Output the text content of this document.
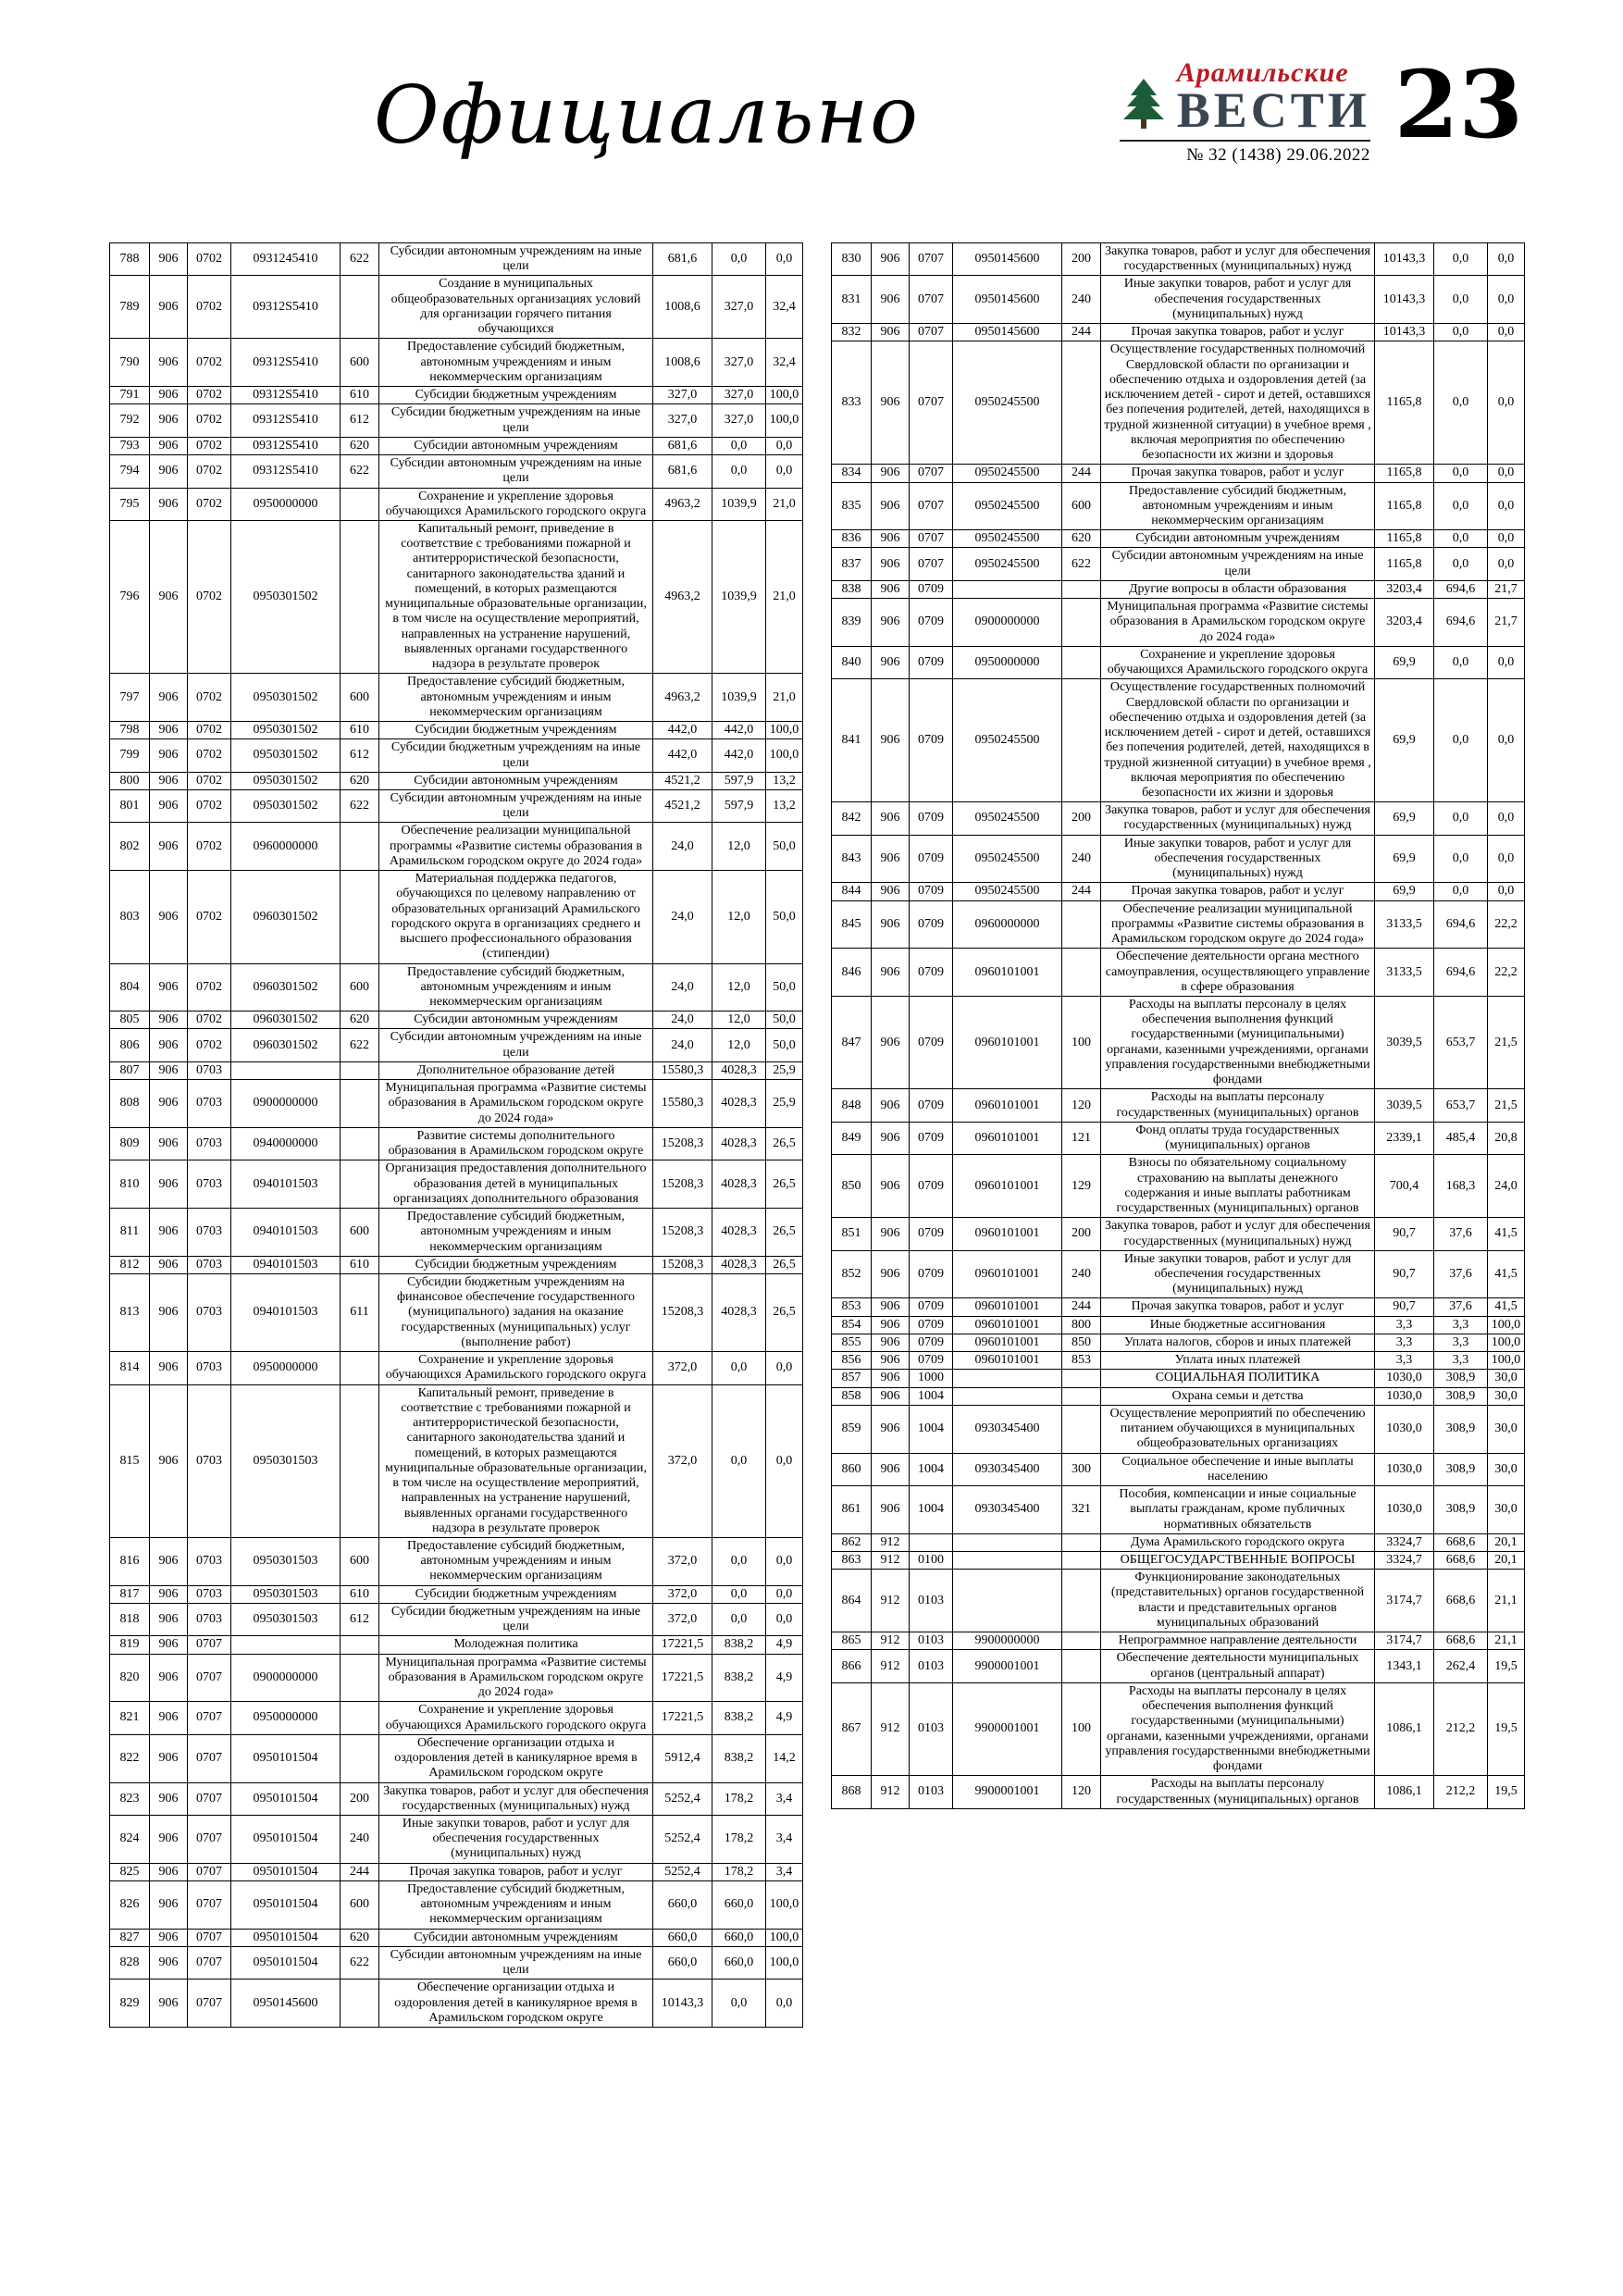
Официально	Арамильские
ВЕСТИ
№ 32 (1438) 29.06.2022 23
788	906	0702	0931245410	622	Субсидии автономным учреждениям на иные цели	681,6	0,0	0,0
789	906	0702	09312S5410		Создание в муниципальных общеобразовательных организациях условий для организации горячего питания обучающихся	1008,6	327,0	32,4
790	906	0702	09312S5410	600	Предоставление субсидий бюджетным, автономным учреждениям и иным некоммерческим организациям	1008,6	327,0	32,4
791	906	0702	09312S5410	610	Субсидии бюджетным учреждениям	327,0	327,0	100,0
792	906	0702	09312S5410	612	Субсидии бюджетным учреждениям на иные цели	327,0	327,0	100,0
793	906	0702	09312S5410	620	Субсидии автономным учреждениям	681,6	0,0	0,0
794	906	0702	09312S5410	622	Субсидии автономным учреждениям на иные цели	681,6	0,0	0,0
795	906	0702	0950000000		Сохранение и укрепление здоровья обучающихся Арамильского городского округа	4963,2	1039,9	21,0
796	906	0702	0950301502		Капитальный ремонт, приведение в соответствие с требованиями пожарной и антитеррористической безопасности, санитарного законодательства зданий и помещений, в которых размещаются муниципальные образовательные организации, в том числе на осуществление мероприятий, направленных на устранение нарушений, выявленных органами государственного надзора в результате проверок	4963,2	1039,9	21,0
797	906	0702	0950301502	600	Предоставление субсидий бюджетным, автономным учреждениям и иным некоммерческим организациям	4963,2	1039,9	21,0
798	906	0702	0950301502	610	Субсидии бюджетным учреждениям	442,0	442,0	100,0
799	906	0702	0950301502	612	Субсидии бюджетным учреждениям на иные цели	442,0	442,0	100,0
800	906	0702	0950301502	620	Субсидии автономным учреждениям	4521,2	597,9	13,2
801	906	0702	0950301502	622	Субсидии автономным учреждениям на иные цели	4521,2	597,9	13,2
802	906	0702	0960000000		Обеспечение реализации муниципальной программы «Развитие системы образования в Арамильском городском округе до 2024 года»	24,0	12,0	50,0
803	906	0702	0960301502		Материальная поддержка педагогов, обучающихся по целевому направлению от образовательных организаций Арамильского городского округа в организациях среднего и высшего профессионального образования (стипендии)	24,0	12,0	50,0
804	906	0702	0960301502	600	Предоставление субсидий бюджетным, автономным учреждениям и иным некоммерческим организациям	24,0	12,0	50,0
805	906	0702	0960301502	620	Субсидии автономным учреждениям	24,0	12,0	50,0
806	906	0702	0960301502	622	Субсидии автономным учреждениям на иные цели	24,0	12,0	50,0
807	906	0703			Дополнительное образование детей	15580,3	4028,3	25,9
808	906	0703	0900000000		Муниципальная программа «Развитие системы образования в Арамильском городском округе до 2024 года»	15580,3	4028,3	25,9
809	906	0703	0940000000		Развитие системы дополнительного образования в Арамильском городском округе	15208,3	4028,3	26,5
810	906	0703	0940101503		Организация предоставления дополнительного образования детей в муниципальных организациях дополнительного образования	15208,3	4028,3	26,5
811	906	0703	0940101503	600	Предоставление субсидий бюджетным, автономным учреждениям и иным некоммерческим организациям	15208,3	4028,3	26,5
812	906	0703	0940101503	610	Субсидии бюджетным учреждениям	15208,3	4028,3	26,5
813	906	0703	0940101503	611	Субсидии бюджетным учреждениям на финансовое обеспечение государственного (муниципального) задания на оказание государственных (муниципальных) услуг (выполнение работ)	15208,3	4028,3	26,5
814	906	0703	0950000000		Сохранение и укрепление здоровья обучающихся Арамильского городского округа	372,0	0,0	0,0
815	906	0703	0950301503		Капитальный ремонт, приведение в соответствие с требованиями пожарной и антитеррористической безопасности, санитарного законодательства зданий и помещений, в которых размещаются муниципальные образовательные организации, в том числе на осуществление мероприятий, направленных на устранение нарушений, выявленных органами государственного надзора в результате проверок	372,0	0,0	0,0
816	906	0703	0950301503	600	Предоставление субсидий бюджетным, автономным учреждениям и иным некоммерческим организациям	372,0	0,0	0,0
817	906	0703	0950301503	610	Субсидии бюджетным учреждениям	372,0	0,0	0,0
818	906	0703	0950301503	612	Субсидии бюджетным учреждениям на иные цели	372,0	0,0	0,0
819	906	0707			Молодежная политика	17221,5	838,2	4,9
820	906	0707	0900000000		Муниципальная программа «Развитие системы образования в Арамильском городском округе до 2024 года»	17221,5	838,2	4,9
821	906	0707	0950000000		Сохранение и укрепление здоровья обучающихся Арамильского городского округа	17221,5	838,2	4,9
822	906	0707	0950101504		Обеспечение организации отдыха и оздоровления детей в каникулярное время в Арамильском городском округе	5912,4	838,2	14,2
823	906	0707	0950101504	200	Закупка товаров, работ и услуг для обеспечения государственных (муниципальных) нужд	5252,4	178,2	3,4
824	906	0707	0950101504	240	Иные закупки товаров, работ и услуг для обеспечения государственных (муниципальных) нужд	5252,4	178,2	3,4
825	906	0707	0950101504	244	Прочая закупка товаров, работ и услуг	5252,4	178,2	3,4
826	906	0707	0950101504	600	Предоставление субсидий бюджетным, автономным учреждениям и иным некоммерческим организациям	660,0	660,0	100,0
827	906	0707	0950101504	620	Субсидии автономным учреждениям	660,0	660,0	100,0
828	906	0707	0950101504	622	Субсидии автономным учреждениям на иные цели	660,0	660,0	100,0
829	906	0707	0950145600		Обеспечение организации отдыха и оздоровления детей в каникулярное время в Арамильском городском округе	10143,3	0,0	0,0
830	906	0707	0950145600	200	Закупка товаров, работ и услуг для обеспечения государственных (муниципальных) нужд	10143,3	0,0	0,0
831	906	0707	0950145600	240	Иные закупки товаров, работ и услуг для обеспечения государственных (муниципальных) нужд	10143,3	0,0	0,0
832	906	0707	0950145600	244	Прочая закупка товаров, работ и услуг	10143,3	0,0	0,0
833	906	0707	0950245500		Осуществление государственных полномочий Свердловской области по организации и обеспечению отдыха и оздоровления детей (за исключением детей - сирот и детей, оставшихся без попечения родителей, детей, находящихся в трудной жизненной ситуации) в учебное время , включая мероприятия по обеспечению безопасности их жизни и здоровья	1165,8	0,0	0,0
834	906	0707	0950245500	244	Прочая закупка товаров, работ и услуг	1165,8	0,0	0,0
835	906	0707	0950245500	600	Предоставление субсидий бюджетным, автономным учреждениям и иным некоммерческим организациям	1165,8	0,0	0,0
836	906	0707	0950245500	620	Субсидии автономным учреждениям	1165,8	0,0	0,0
837	906	0707	0950245500	622	Субсидии автономным учреждениям на иные цели	1165,8	0,0	0,0
838	906	0709			Другие вопросы в области образования	3203,4	694,6	21,7
839	906	0709	0900000000		Муниципальная программа «Развитие системы образования в Арамильском городском округе до 2024 года»	3203,4	694,6	21,7
840	906	0709	0950000000		Сохранение и укрепление здоровья обучающихся Арамильского городского округа	69,9	0,0	0,0
841	906	0709	0950245500		Осуществление государственных полномочий Свердловской области по организации и обеспечению отдыха и оздоровления детей (за исключением детей - сирот и детей, оставшихся без попечения родителей, детей, находящихся в трудной жизненной ситуации) в учебное время , включая мероприятия по обеспечению безопасности их жизни и здоровья	69,9	0,0	0,0
842	906	0709	0950245500	200	Закупка товаров, работ и услуг для обеспечения государственных (муниципальных) нужд	69,9	0,0	0,0
843	906	0709	0950245500	240	Иные закупки товаров, работ и услуг для обеспечения государственных (муниципальных) нужд	69,9	0,0	0,0
844	906	0709	0950245500	244	Прочая закупка товаров, работ и услуг	69,9	0,0	0,0
845	906	0709	0960000000		Обеспечение реализации муниципальной программы «Развитие системы образования в Арамильском городском округе до 2024 года»	3133,5	694,6	22,2
846	906	0709	0960101001		Обеспечение деятельности органа местного самоуправления, осуществляющего управление в сфере образования	3133,5	694,6	22,2
847	906	0709	0960101001	100	Расходы на выплаты персоналу в целях обеспечения выполнения функций государственными (муниципальными) органами, казенными учреждениями, органами управления государственными внебюджетными фондами	3039,5	653,7	21,5
848	906	0709	0960101001	120	Расходы на выплаты персоналу государственных (муниципальных) органов	3039,5	653,7	21,5
849	906	0709	0960101001	121	Фонд оплаты труда государственных (муниципальных) органов	2339,1	485,4	20,8
850	906	0709	0960101001	129	Взносы по обязательному социальному страхованию на выплаты денежного содержания и иные выплаты работникам государственных (муниципальных) органов	700,4	168,3	24,0
851	906	0709	0960101001	200	Закупка товаров, работ и услуг для обеспечения государственных (муниципальных) нужд	90,7	37,6	41,5
852	906	0709	0960101001	240	Иные закупки товаров, работ и услуг для обеспечения государственных (муниципальных) нужд	90,7	37,6	41,5
853	906	0709	0960101001	244	Прочая закупка товаров, работ и услуг	90,7	37,6	41,5
854	906	0709	0960101001	800	Иные бюджетные ассигнования	3,3	3,3	100,0
855	906	0709	0960101001	850	Уплата налогов, сборов и иных платежей	3,3	3,3	100,0
856	906	0709	0960101001	853	Уплата иных платежей	3,3	3,3	100,0
857	906	1000			СОЦИАЛЬНАЯ ПОЛИТИКА	1030,0	308,9	30,0
858	906	1004			Охрана семьи и детства	1030,0	308,9	30,0
859	906	1004	0930345400		Осуществление мероприятий по обеспечению питанием обучающихся в муниципальных общеобразовательных организациях	1030,0	308,9	30,0
860	906	1004	0930345400	300	Социальное обеспечение и иные выплаты населению	1030,0	308,9	30,0
861	906	1004	0930345400	321	Пособия, компенсации и иные социальные выплаты гражданам, кроме публичных нормативных обязательств	1030,0	308,9	30,0
862	912				Дума Арамильского городского округа	3324,7	668,6	20,1
863	912	0100			ОБЩЕГОСУДАРСТВЕННЫЕ ВОПРОСЫ	3324,7	668,6	20,1
864	912	0103			Функционирование законодательных (представительных) органов государственной власти и представительных органов муниципальных образований	3174,7	668,6	21,1
865	912	0103	9900000000		Непрограммное направление деятельности	3174,7	668,6	21,1
866	912	0103	9900001001		Обеспечение деятельности муниципальных органов (центральный аппарат)	1343,1	262,4	19,5
867	912	0103	9900001001	100	Расходы на выплаты персоналу в целях обеспечения выполнения функций государственными (муниципальными) органами, казенными учреждениями, органами управления государственными внебюджетными фондами	1086,1	212,2	19,5
868	912	0103	9900001001	120	Расходы на выплаты персоналу государственных (муниципальных) органов	1086,1	212,2	19,5
